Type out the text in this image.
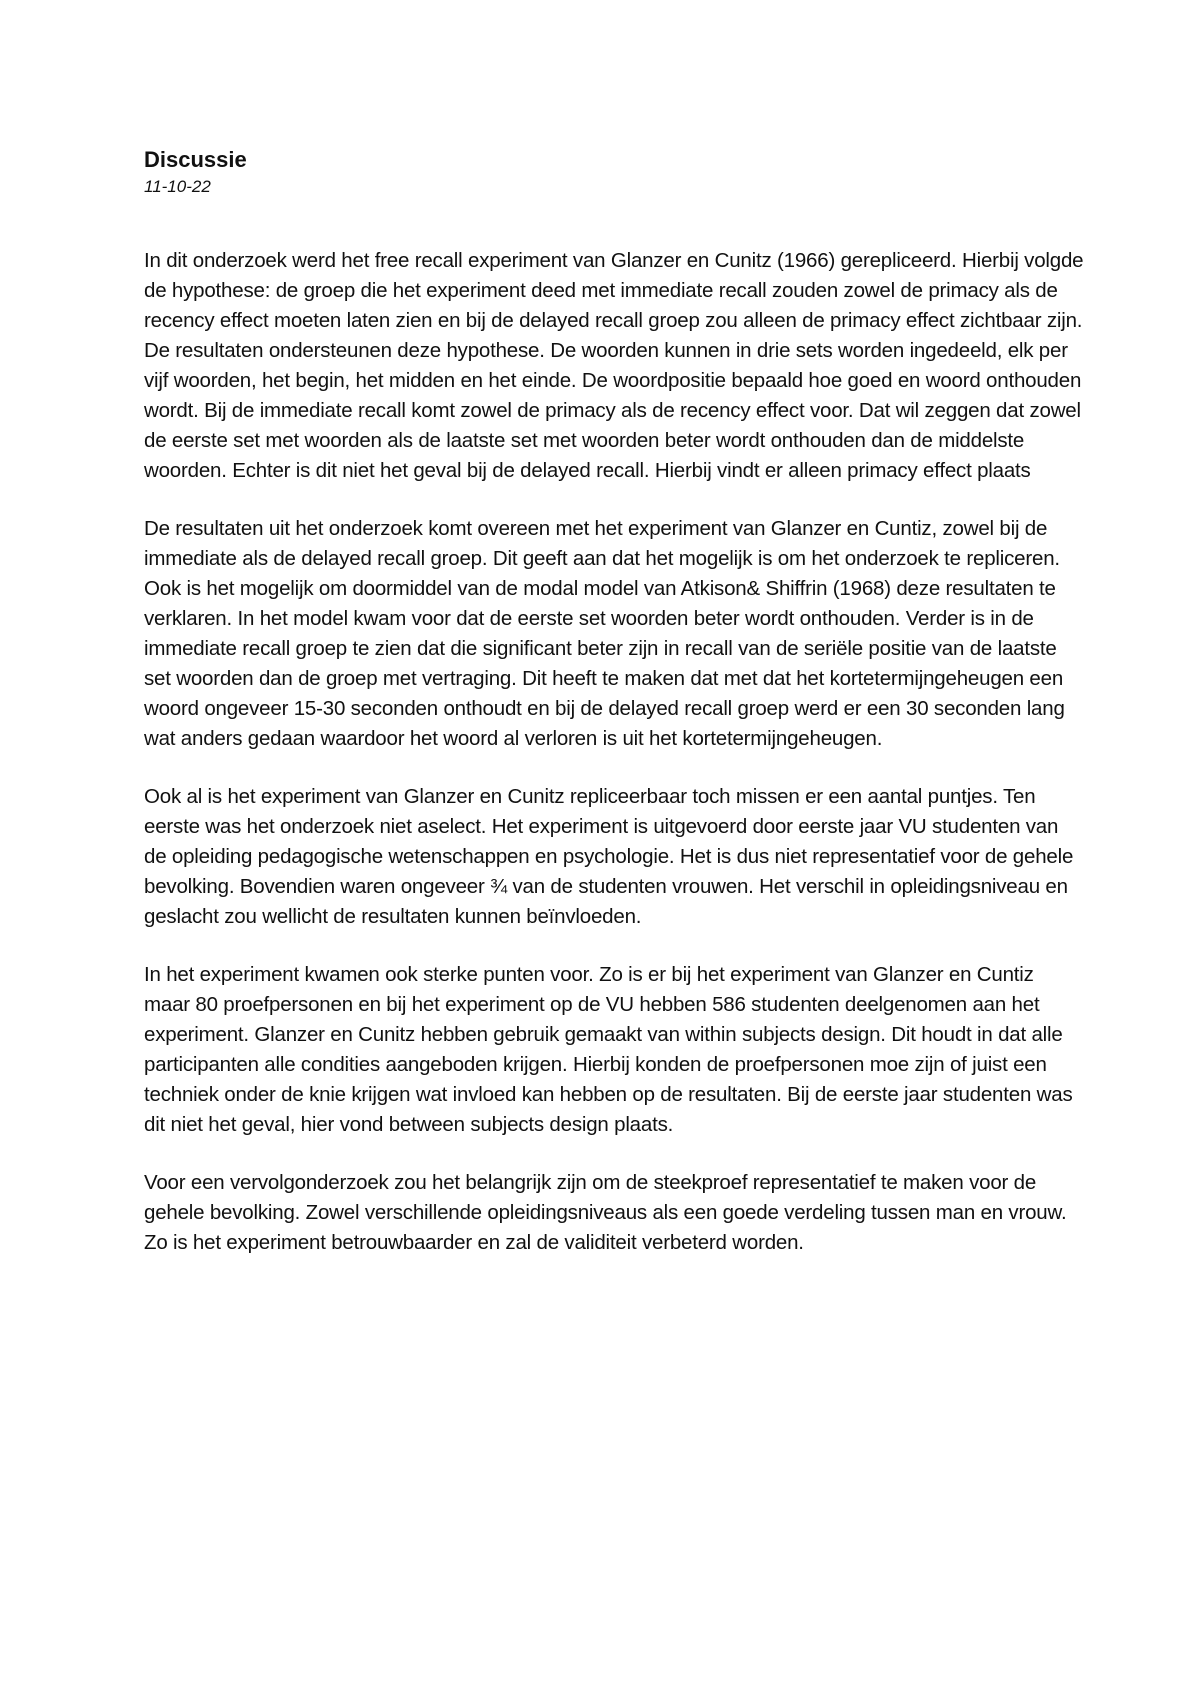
Discussie
11-10-22

In dit onderzoek werd het free recall experiment van Glanzer en Cunitz (1966) gerepliceerd. Hierbij volgde de hypothese: de groep die het experiment deed met immediate recall zouden zowel de primacy als de recency effect moeten laten zien en bij de delayed recall groep zou alleen de primacy effect zichtbaar zijn. De resultaten ondersteunen deze hypothese. De woorden kunnen in drie sets worden ingedeeld, elk per vijf woorden, het begin, het midden en het einde. De woordpositie bepaald hoe goed en woord onthouden wordt. Bij de immediate recall komt zowel de primacy als de recency effect voor. Dat wil zeggen dat zowel de eerste set met woorden als de laatste set met woorden beter wordt onthouden dan de middelste woorden. Echter is dit niet het geval bij de delayed recall. Hierbij vindt er alleen primacy effect plaats

De resultaten uit het onderzoek komt overeen met het experiment van Glanzer en Cuntiz, zowel bij de immediate als de delayed recall groep. Dit geeft aan dat het mogelijk is om het onderzoek te repliceren. Ook is het mogelijk om doormiddel van de modal model van Atkison& Shiffrin (1968) deze resultaten te verklaren. In het model kwam voor dat de eerste set woorden beter wordt onthouden. Verder is in de immediate recall groep te zien dat die significant beter zijn in recall van de seriële positie van de laatste set woorden dan de groep met vertraging. Dit heeft te maken dat met dat het kortetermijngeheugen een woord ongeveer 15-30 seconden onthoudt en bij de delayed recall groep werd er een 30 seconden lang wat anders gedaan waardoor het woord al verloren is uit het kortetermijngeheugen.

Ook al is het experiment van Glanzer en Cunitz repliceerbaar toch missen er een aantal puntjes. Ten eerste was het onderzoek niet aselect. Het experiment is uitgevoerd door eerste jaar VU studenten van de opleiding pedagogische wetenschappen en psychologie. Het is dus niet representatief voor de gehele bevolking. Bovendien waren ongeveer ¾ van de studenten vrouwen. Het verschil in opleidingsniveau en geslacht zou wellicht de resultaten kunnen beïnvloeden.

In het experiment kwamen ook sterke punten voor. Zo is er bij het experiment van Glanzer en Cuntiz maar 80 proefpersonen en bij het experiment op de VU hebben 586 studenten deelgenomen aan het experiment. Glanzer en Cunitz hebben gebruik gemaakt van within subjects design. Dit houdt in dat alle participanten alle condities aangeboden krijgen. Hierbij konden de proefpersonen moe zijn of juist een techniek onder de knie krijgen wat invloed kan hebben op de resultaten. Bij de eerste jaar studenten was dit niet het geval, hier vond between subjects design plaats.

Voor een vervolgonderzoek zou het belangrijk zijn om de steekproef representatief te maken voor de gehele bevolking. Zowel verschillende opleidingsniveaus als een goede verdeling tussen man en vrouw. Zo is het experiment betrouwbaarder en zal de validiteit verbeterd worden.
